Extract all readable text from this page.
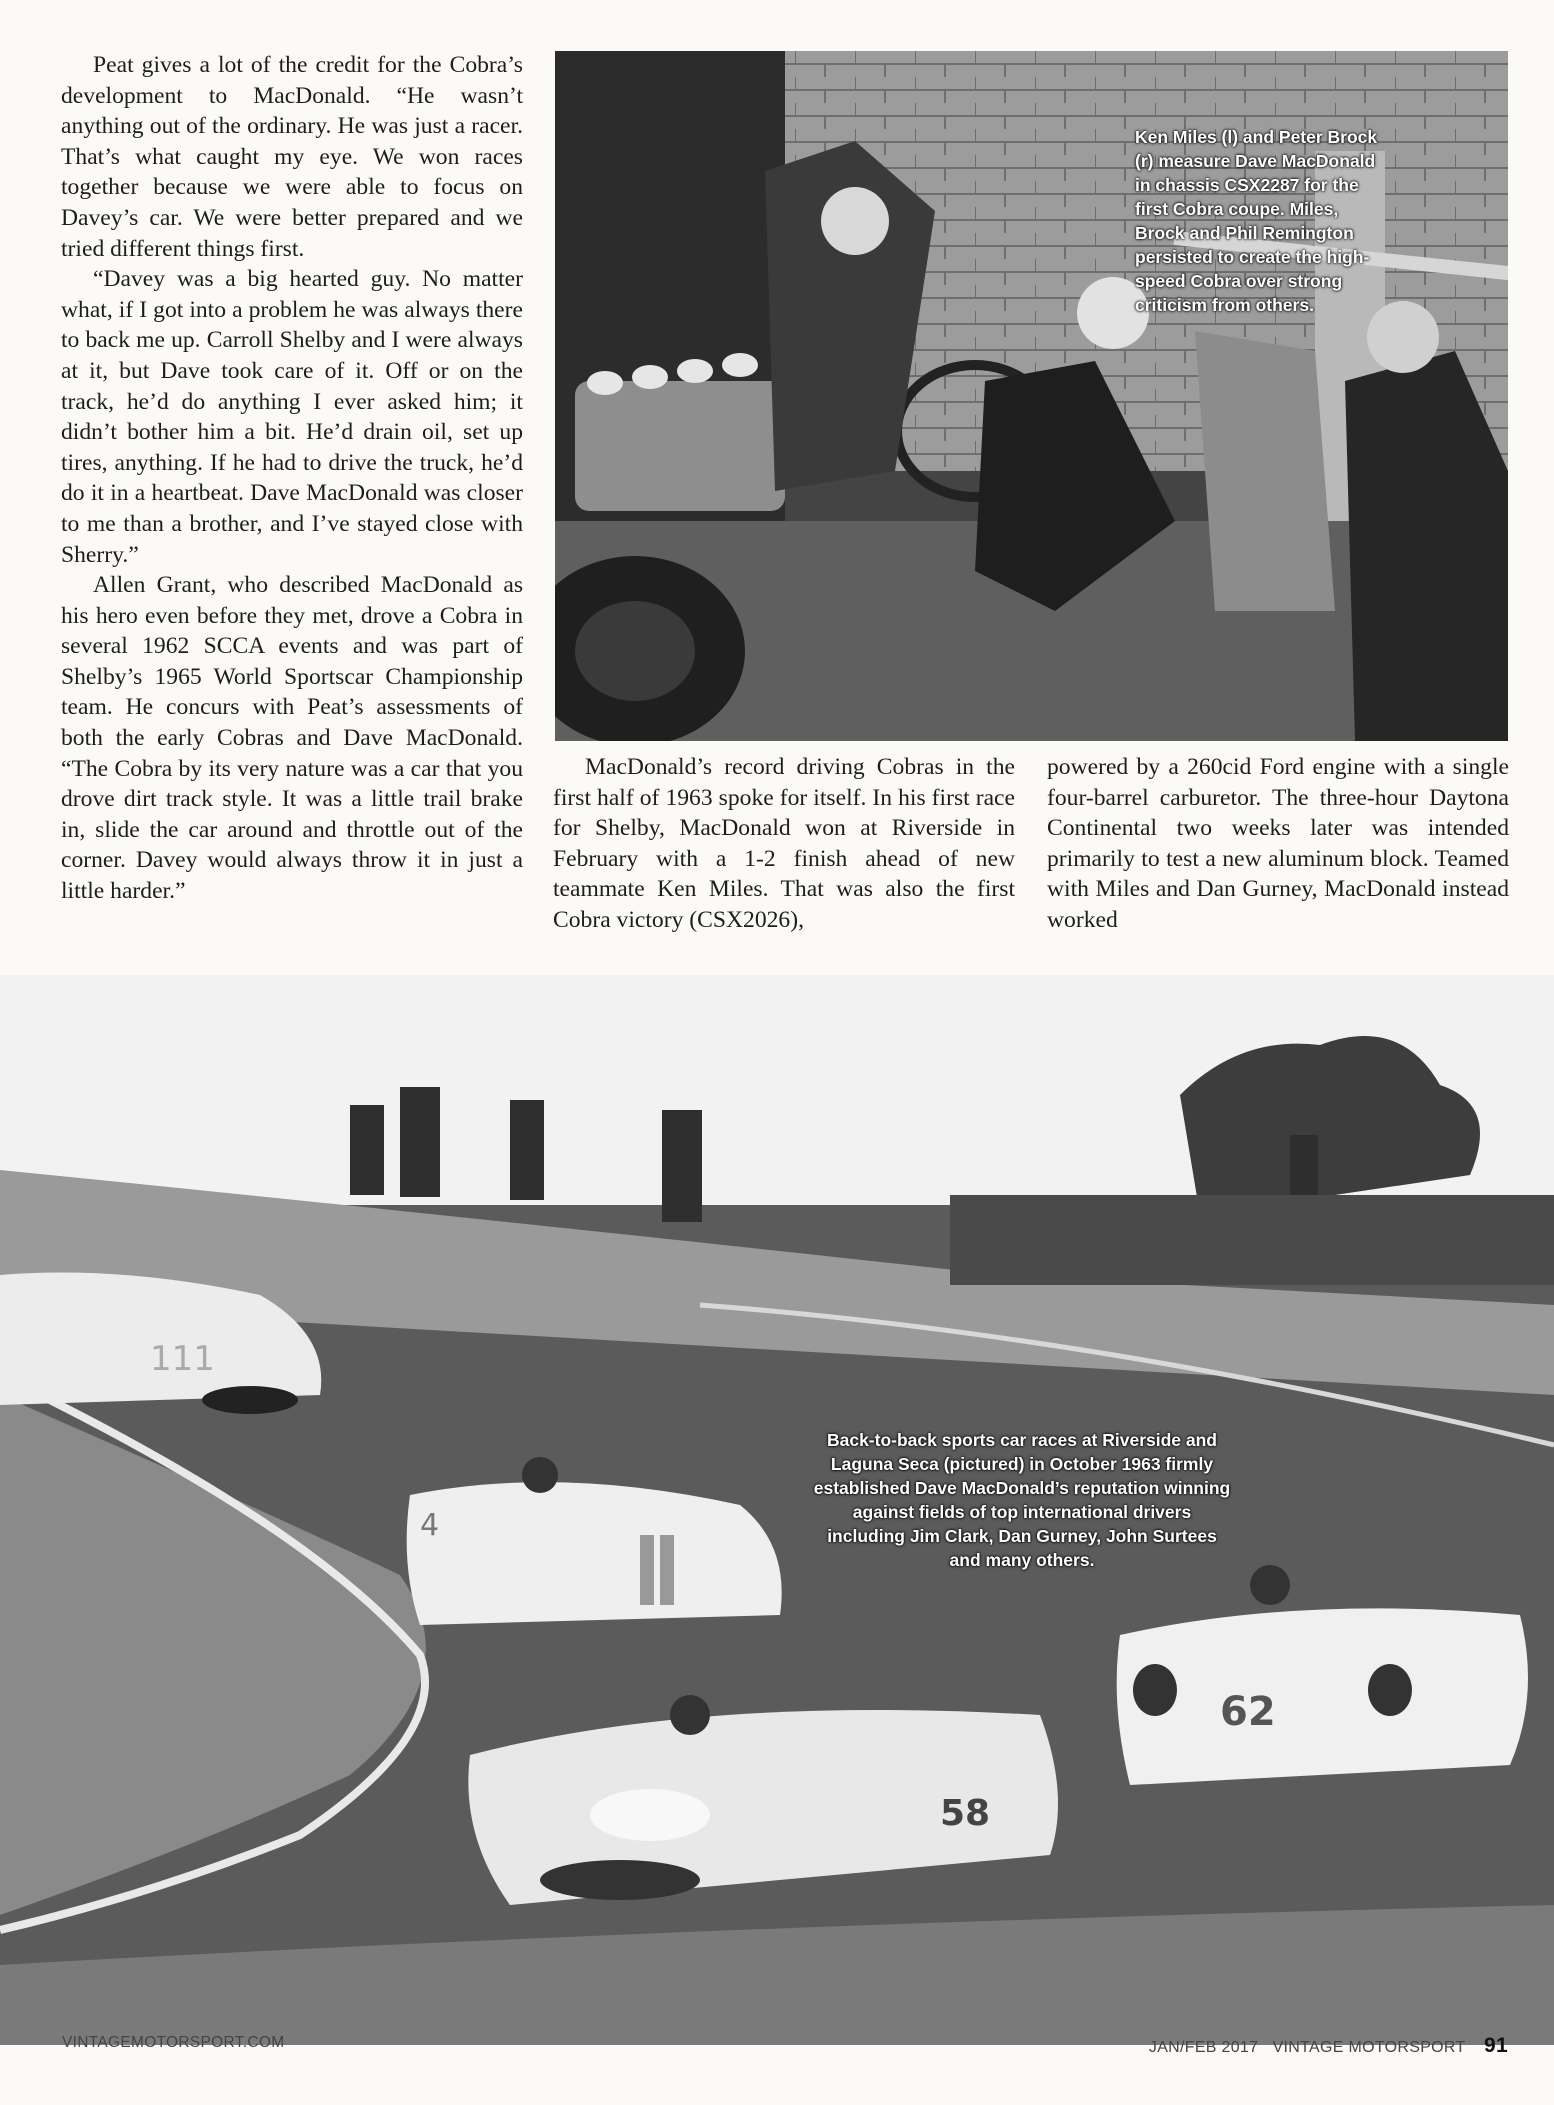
Peat gives a lot of the credit for the Cobra’s development to MacDonald. “He wasn’t anything out of the ordinary. He was just a racer. That’s what caught my eye. We won races together because we were able to focus on Davey’s car. We were better prepared and we tried different things first.

“Davey was a big hearted guy. No matter what, if I got into a problem he was always there to back me up. Carroll Shelby and I were always at it, but Dave took care of it. Off or on the track, he’d do anything I ever asked him; it didn’t bother him a bit. He’d drain oil, set up tires, anything. If he had to drive the truck, he’d do it in a heartbeat. Dave MacDonald was closer to me than a brother, and I’ve stayed close with Sherry.”

Allen Grant, who described MacDonald as his hero even before they met, drove a Cobra in several 1962 SCCA events and was part of Shelby’s 1965 World Sportscar Championship team. He concurs with Peat’s assessments of both the early Cobras and Dave MacDonald. “The Cobra by its very nature was a car that you drove dirt track style. It was a little trail brake in, slide the car around and throttle out of the corner. Davey would always throw it in just a little harder.”

Ken Miles (l) and Peter Brock (r) measure Dave MacDonald in chassis CSX2287 for the first Cobra coupe. Miles, Brock and Phil Remington persisted to create the high-speed Cobra over strong criticism from others.

MacDonald’s record driving Cobras in the first half of 1963 spoke for itself. In his first race for Shelby, MacDonald won at Riverside in February with a 1-2 finish ahead of new teammate Ken Miles. That was also the first Cobra victory (CSX2026),

powered by a 260cid Ford engine with a single four-barrel carburetor. The three-hour Daytona Continental two weeks later was intended primarily to test a new aluminum block. Teamed with Miles and Dan Gurney, MacDonald instead worked

111
4
58
62
Back-to-back sports car races at Riverside and Laguna Seca (pictured) in October 1963 firmly established Dave MacDonald’s reputation winning against fields of top international drivers including Jim Clark, Dan Gurney, John Surtees and many others.
VINTAGEMOTORSPORT.COM	JAN/FEB 2017 VINTAGE MOTORSPORT 91
